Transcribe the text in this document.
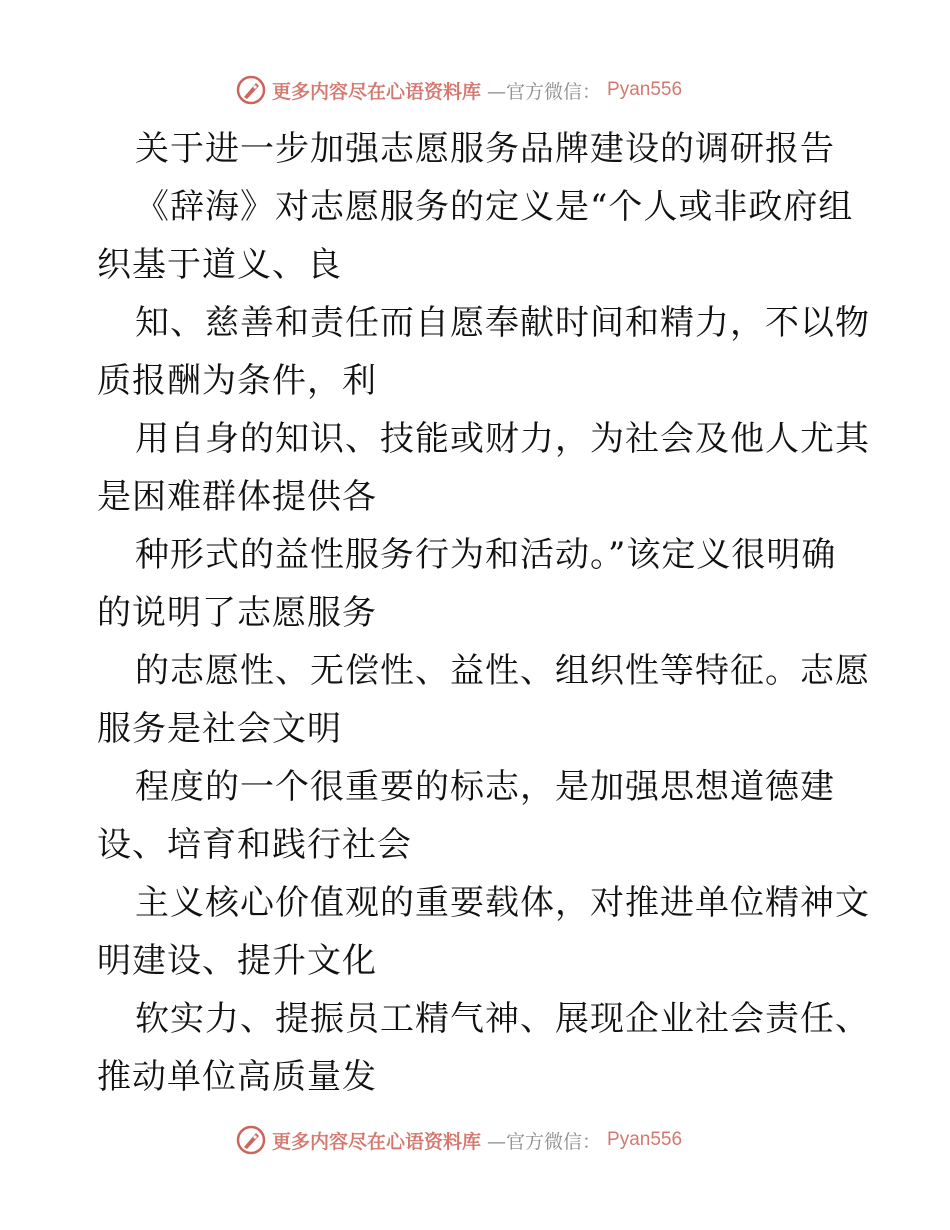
更多内容尽在心语资料库 —官方微信： Pyan556
关于进一步加强志愿服务品牌建设的调研报告
《辞海》对志愿服务的定义是“个人或非政府组
织基于道义、良
知、慈善和责任而自愿奉献时间和精力，不以物
质报酬为条件，利
用自身的知识、技能或财力，为社会及他人尤其
是困难群体提供各
种形式的益性服务行为和活动。”该定义很明确
的说明了志愿服务
的志愿性、无偿性、益性、组织性等特征。志愿
服务是社会文明
程度的一个很重要的标志，是加强思想道德建
设、培育和践行社会
主义核心价值观的重要载体，对推进单位精神文
明建设、提升文化
软实力、提振员工精气神、展现企业社会责任、
推动单位高质量发
更多内容尽在心语资料库 —官方微信： Pyan556
